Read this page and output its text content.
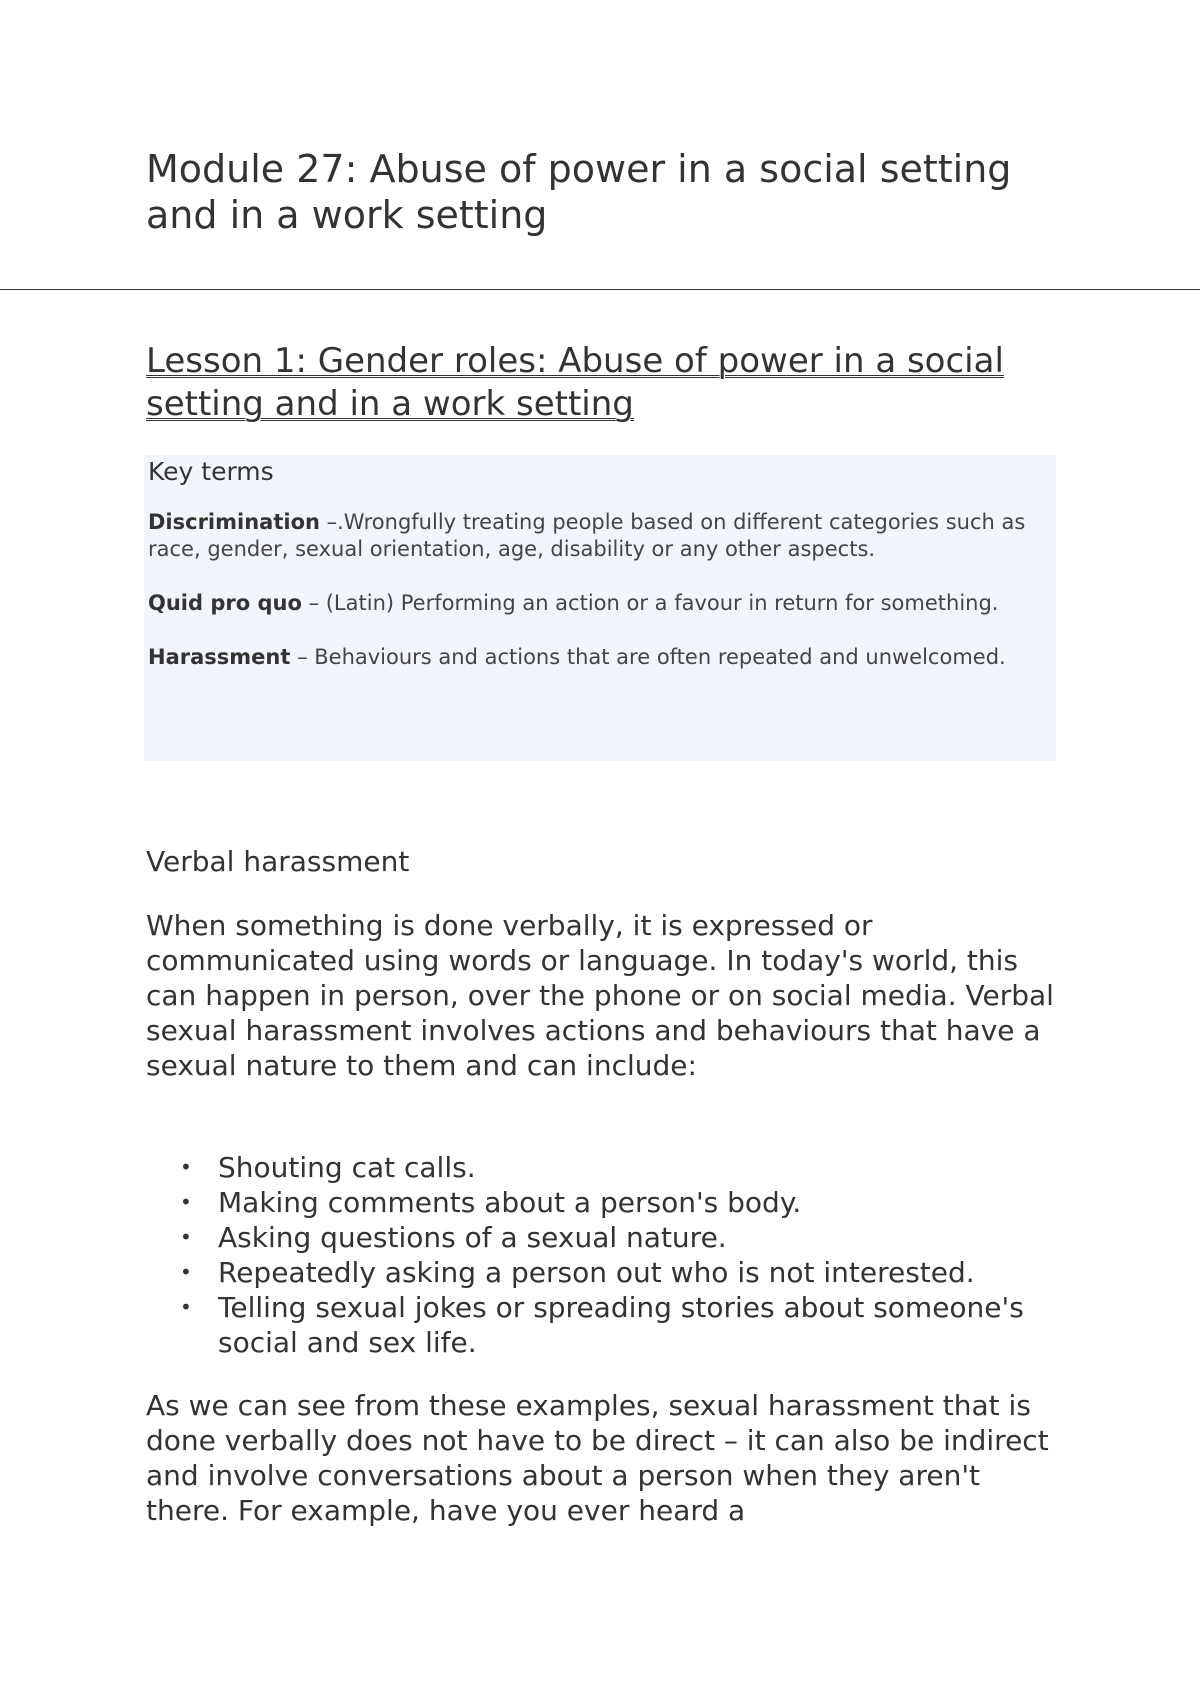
Module 27: Abuse of power in a social setting and in a work setting
Lesson 1: Gender roles: Abuse of power in a social setting and in a work setting
Key terms

Discrimination –.Wrongfully treating people based on different categories such as race, gender, sexual orientation, age, disability or any other aspects.

Quid pro quo – (Latin) Performing an action or a favour in return for something.

Harassment – Behaviours and actions that are often repeated and unwelcomed.

Verbal harassment

When something is done verbally, it is expressed or communicated using words or language. In today's world, this can happen in person, over the phone or on social media. Verbal sexual harassment involves actions and behaviours that have a sexual nature to them and can include:

• Shouting cat calls.
• Making comments about a person's body.
• Asking questions of a sexual nature.
• Repeatedly asking a person out who is not interested.
• Telling sexual jokes or spreading stories about someone's social and sex life.

As we can see from these examples, sexual harassment that is done verbally does not have to be direct – it can also be indirect and involve conversations about a person when they aren't there. For example, have you ever heard a
